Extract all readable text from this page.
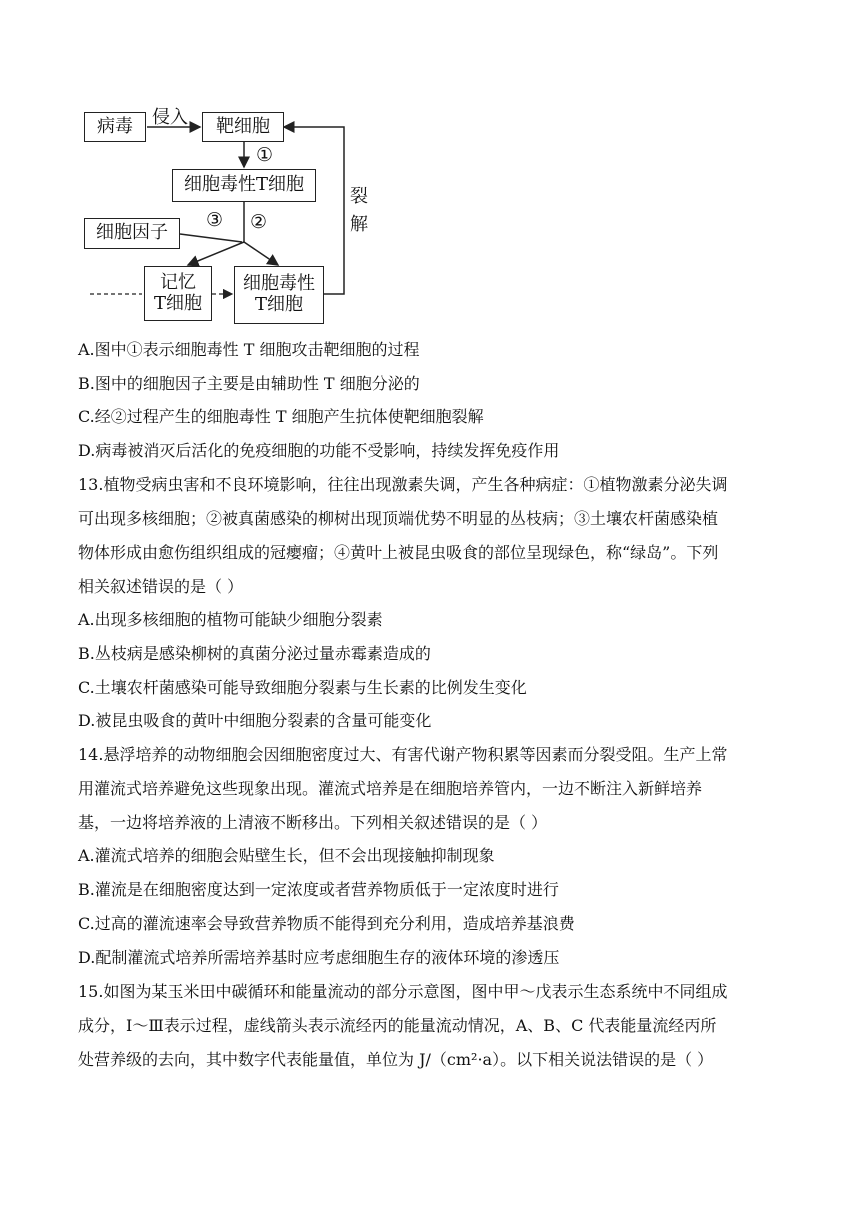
病毒 侵入 靶细胞
①
细胞毒性T细胞
裂
解
细胞因子
③ ②
记忆
T细胞
细胞毒性
T细胞
A.图中①表示细胞毒性 T 细胞攻击靶细胞的过程
B.图中的细胞因子主要是由辅助性 T 细胞分泌的
C.经②过程产生的细胞毒性 T 细胞产生抗体使靶细胞裂解
D.病毒被消灭后活化的免疫细胞的功能不受影响，持续发挥免疫作用
13.植物受病虫害和不良环境影响，往往出现激素失调，产生各种病症：①植物激素分泌失调
可出现多核细胞；②被真菌感染的柳树出现顶端优势不明显的丛枝病；③土壤农杆菌感染植
物体形成由愈伤组织组成的冠瘿瘤；④黄叶上被昆虫吸食的部位呈现绿色，称“绿岛”。下列
相关叙述错误的是（ ）
A.出现多核细胞的植物可能缺少细胞分裂素
B.丛枝病是感染柳树的真菌分泌过量赤霉素造成的
C.土壤农杆菌感染可能导致细胞分裂素与生长素的比例发生变化
D.被昆虫吸食的黄叶中细胞分裂素的含量可能变化
14.悬浮培养的动物细胞会因细胞密度过大、有害代谢产物积累等因素而分裂受阻。生产上常
用灌流式培养避免这些现象出现。灌流式培养是在细胞培养管内，一边不断注入新鲜培养
基，一边将培养液的上清液不断移出。下列相关叙述错误的是（ ）
A.灌流式培养的细胞会贴壁生长，但不会出现接触抑制现象
B.灌流是在细胞密度达到一定浓度或者营养物质低于一定浓度时进行
C.过高的灌流速率会导致营养物质不能得到充分利用，造成培养基浪费
D.配制灌流式培养所需培养基时应考虑细胞生存的液体环境的渗透压
15.如图为某玉米田中碳循环和能量流动的部分示意图，图中甲～戊表示生态系统中不同组成
成分，Ⅰ～Ⅲ表示过程，虚线箭头表示流经丙的能量流动情况，A、B、C 代表能量流经丙所
处营养级的去向，其中数字代表能量值，单位为 J/（cm²·a）。以下相关说法错误的是（ ）
